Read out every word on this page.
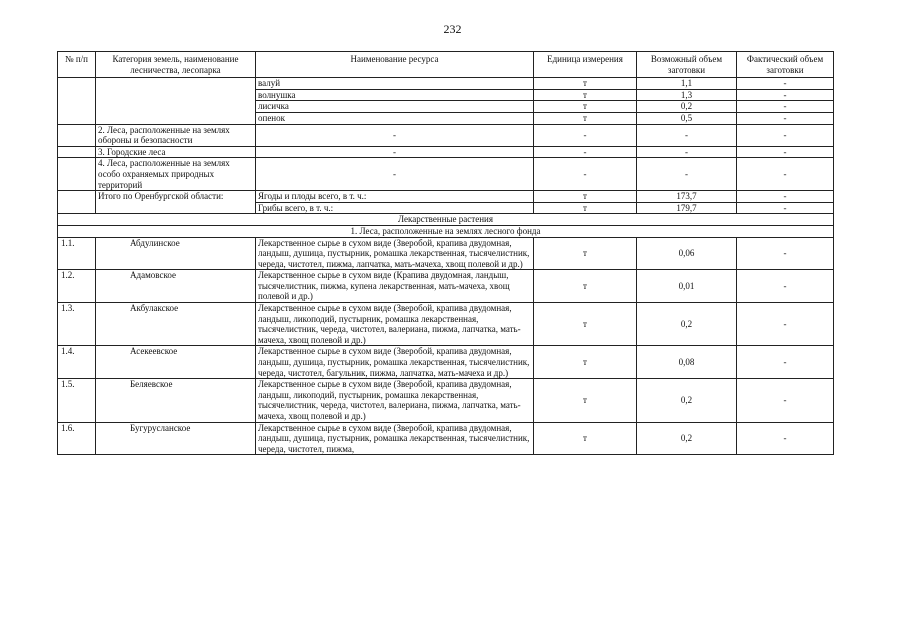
232
№ п/п	Категория земель, наименование лесничества, лесопарка	Наименование ресурса	Единица измерения	Возможный объем заготовки	Фактический объем заготовки
		валуй	т	1,1	-
		волнушка	т	1,3	-
		лисичка	т	0,2	-
		опенок	т	0,5	-
	2. Леса, расположенные на землях обороны и безопасности	-	-	-	-
	3. Городские леса	-	-	-	-
	4. Леса, расположенные на землях особо охраняемых природных территорий	-	-	-	-
	Итого по Оренбургской области:	Ягоды и плоды всего, в т. ч.:	т	173,7	-
		Грибы всего, в т. ч.:	т	179,7	-
Лекарственные растения					
1. Леса, расположенные на землях лесного фонда					
1.1.	Абдулинское	Лекарственное сырье в сухом виде (Зверобой, крапива двудомная, ландыш, душица, пустырник, ромашка лекарственная, тысячелистник, череда, чистотел, пижма, лапчатка, мать-мачеха, хвощ полевой и др.)	т	0,06	-
1.2.	Адамовское	Лекарственное сырье в сухом виде (Крапива двудомная, ландыш, тысячелистник, пижма, купена лекарственная, мать-мачеха, хвощ полевой и др.)	т	0,01	-
1.3.	Акбулакское	Лекарственное сырье в сухом виде (Зверобой, крапива двудомная, ландыш, ликоподий, пустырник, ромашка лекарственная, тысячелистник, череда, чистотел, валериана, пижма, лапчатка, мать-мачеха, хвощ полевой и др.)	т	0,2	-
1.4.	Асекеевское	Лекарственное сырье в сухом виде (Зверобой, крапива двудомная, ландыш, душица, пустырник, ромашка лекарственная, тысячелистник, череда, чистотел, багульник, пижма, лапчатка, мать-мачеха и др.)	т	0,08	-
1.5.	Беляевское	Лекарственное сырье в сухом виде (Зверобой, крапива двудомная, ландыш, ликоподий, пустырник, ромашка лекарственная, тысячелистник, череда, чистотел, валериана, пижма, лапчатка, мать-мачеха, хвощ полевой и др.)	т	0,2	-
1.6.	Бугурусланское	Лекарственное сырье в сухом виде (Зверобой, крапива двудомная, ландыш, душица, пустырник, ромашка лекарственная, тысячелистник, череда, чистотел, пижма,	т	0,2	-
